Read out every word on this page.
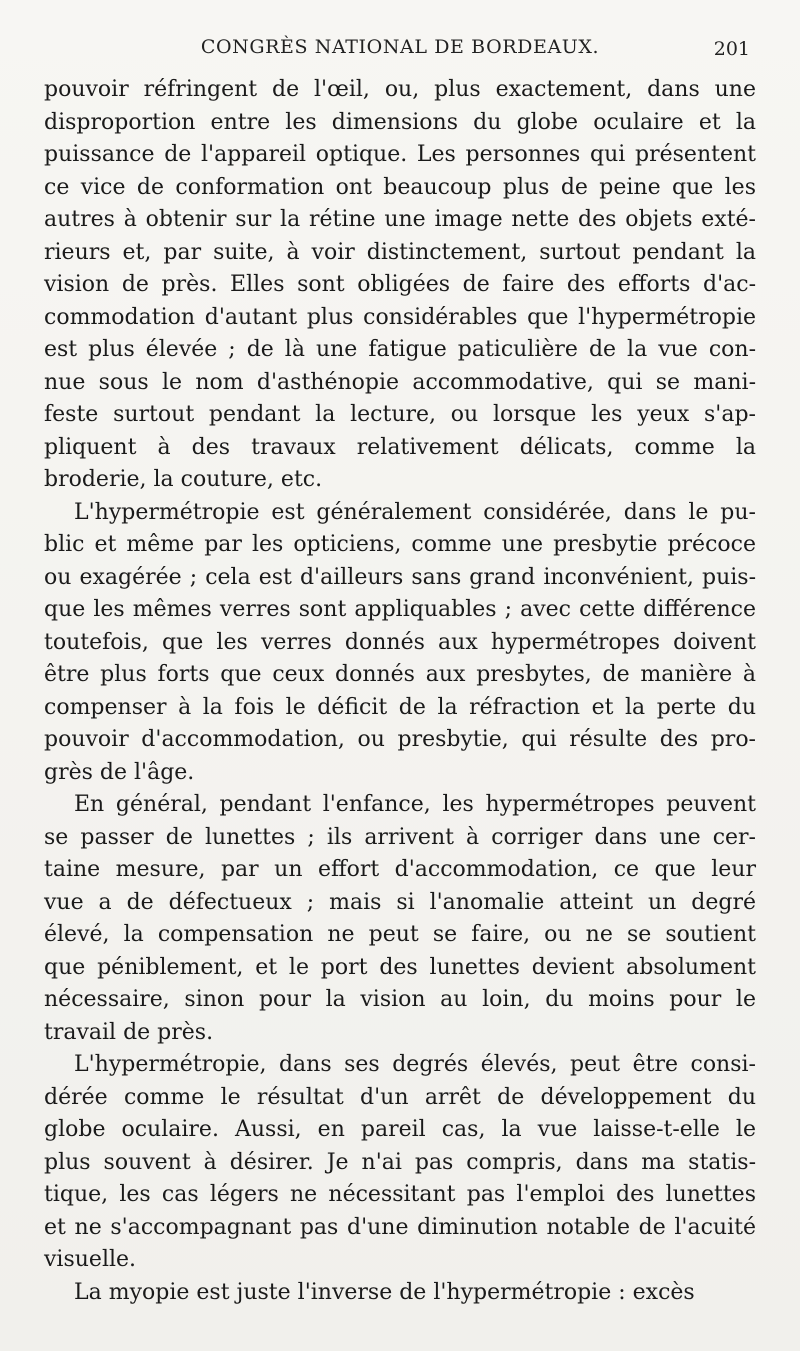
CONGRÈS NATIONAL DE BORDEAUX.	201

pouvoir réfringent de l'œil, ou, plus exactement, dans une
disproportion entre les dimensions du globe oculaire et la
puissance de l'appareil optique. Les personnes qui présentent
ce vice de conformation ont beaucoup plus de peine que les
autres à obtenir sur la rétine une image nette des objets exté-
rieurs et, par suite, à voir distinctement, surtout pendant la
vision de près. Elles sont obligées de faire des efforts d'ac-
commodation d'autant plus considérables que l'hypermétropie
est plus élevée ; de là une fatigue paticulière de la vue con-
nue sous le nom d'asthénopie accommodative, qui se mani-
feste surtout pendant la lecture, ou lorsque les yeux s'ap-
pliquent à des travaux relativement délicats, comme la
broderie, la couture, etc.

L'hypermétropie est généralement considérée, dans le pu-
blic et même par les opticiens, comme une presbytie précoce
ou exagérée ; cela est d'ailleurs sans grand inconvénient, puis-
que les mêmes verres sont appliquables ; avec cette différence
toutefois, que les verres donnés aux hypermétropes doivent
être plus forts que ceux donnés aux presbytes, de manière à
compenser à la fois le déficit de la réfraction et la perte du
pouvoir d'accommodation, ou presbytie, qui résulte des pro-
grès de l'âge.

En général, pendant l'enfance, les hypermétropes peuvent
se passer de lunettes ; ils arrivent à corriger dans une cer-
taine mesure, par un effort d'accommodation, ce que leur
vue a de défectueux ; mais si l'anomalie atteint un degré
élevé, la compensation ne peut se faire, ou ne se soutient
que péniblement, et le port des lunettes devient absolument
nécessaire, sinon pour la vision au loin, du moins pour le
travail de près.

L'hypermétropie, dans ses degrés élevés, peut être consi-
dérée comme le résultat d'un arrêt de développement du
globe oculaire. Aussi, en pareil cas, la vue laisse-t-elle le
plus souvent à désirer. Je n'ai pas compris, dans ma statis-
tique, les cas légers ne nécessitant pas l'emploi des lunettes
et ne s'accompagnant pas d'une diminution notable de l'acuité
visuelle.

La myopie est juste l'inverse de l'hypermétropie : excès
